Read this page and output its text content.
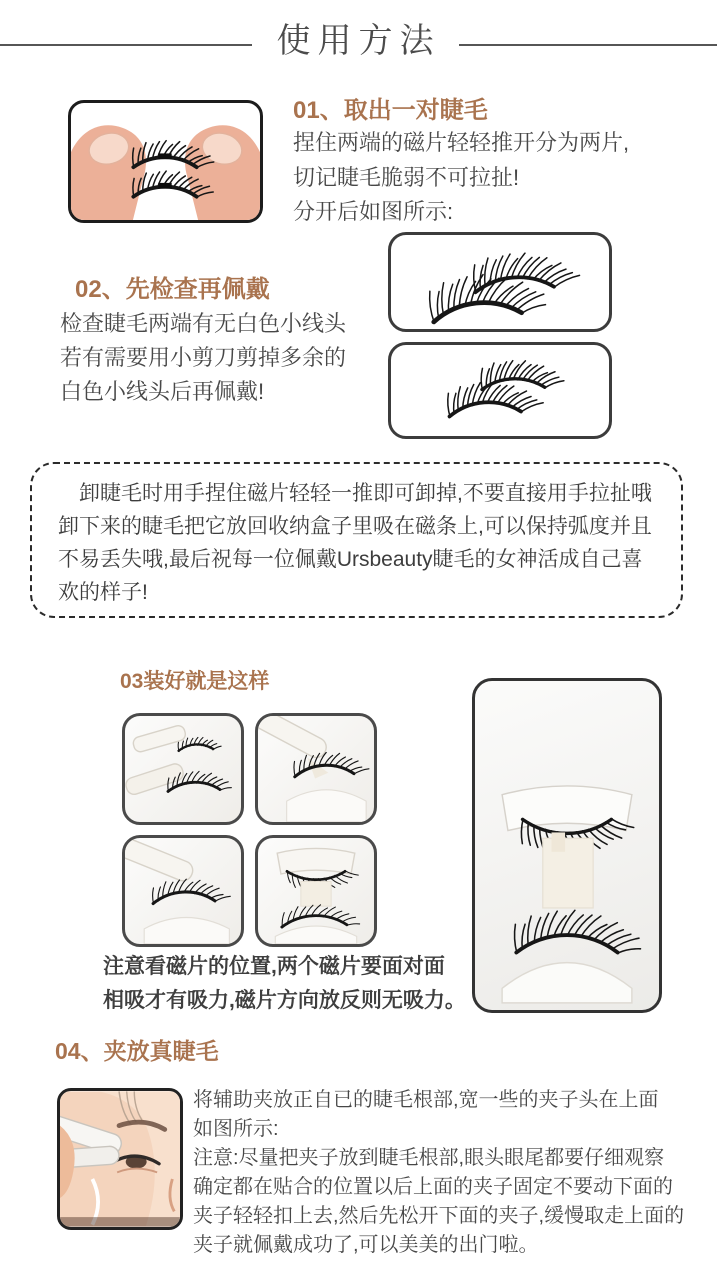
使用方法
01、取出一对睫毛
捏住两端的磁片轻轻推开分为两片,
切记睫毛脆弱不可拉扯!
分开后如图所示:
02、先检查再佩戴
检查睫毛两端有无白色小线头
若有需要用小剪刀剪掉多余的
白色小线头后再佩戴!
卸睫毛时用手捏住磁片轻轻一推即可卸掉,不要直接用手拉扯哦
卸下来的睫毛把它放回收纳盒子里吸在磁条上,可以保持弧度并且
不易丢失哦,最后祝每一位佩戴Ursbeauty睫毛的女神活成自己喜
欢的样子!
03装好就是这样
注意看磁片的位置,两个磁片要面对面
相吸才有吸力,磁片方向放反则无吸力。
04、夹放真睫毛
将辅助夹放正自已的睫毛根部,宽一些的夹子头在上面
如图所示:
注意:尽量把夹子放到睫毛根部,眼头眼尾都要仔细观察
确定都在贴合的位置以后上面的夹子固定不要动下面的
夹子轻轻扣上去,然后先松开下面的夹子,缓慢取走上面的
夹子就佩戴成功了,可以美美的出门啦。
